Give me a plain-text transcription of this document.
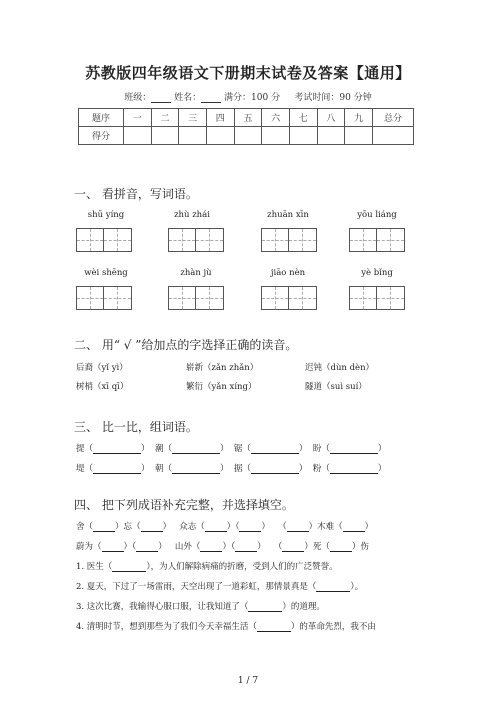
苏教版四年级语文下册期末试卷及答案【通用】
班级：	姓名：	满分：100 分 考试时间：90 分钟
题序	一	二	三	四	五	六	七	八	九	总分
得分										
一、 看拼音，写词语。
shū yíng	zhù zhái	zhuān xīn	yōu liáng
wèi shēng	zhàn jù	jiāo nèn	yè bǐng
二、 用“ √ ”给加点的字选择正确的读音。
后裔（yǐ yì）	崭新（zǎn zhǎn）	迟钝（dùn dèn）
树梢（xī qī）	繁衍（yǎn xíng）	隧道（suì suí）
三、 比一比，组词语。
提（	）  潮（	）  锯（	）  盼（	）
堤（	）  朝（	）  据（	）  粉（	）
四、 把下列成语补充完整，并选择填空。
舍（	）忘（	）   众志（	）（	）   （	）木难（	）
蔚为（	）（	）   山外（	）（	）   （	）死（	）伤
1. 医生（	），为人们解除病痛的折磨，受到人们的广泛赞誉。
2. 夏天，下过了一场雷雨，天空出现了一道彩虹，那情景真是（	）。
3. 这次比赛，我输得心服口服，让我知道了（	）的道理。
4. 清明时节，想到那些为了我们今天幸福生活（	）的革命先烈，我不由
1 / 7
